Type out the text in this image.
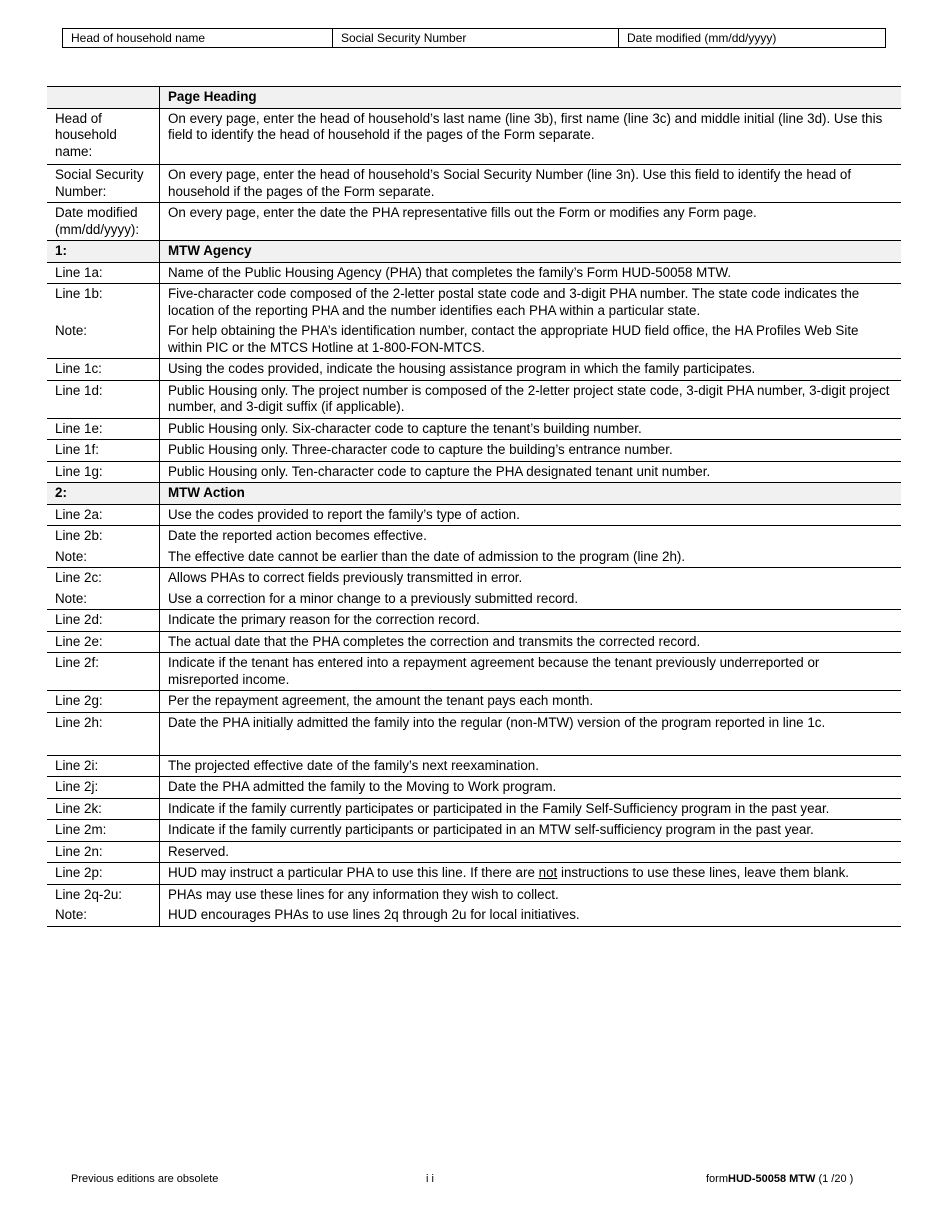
Head of household name	Social Security Number	Date modified (mm/dd/yyyy)
	Page Heading
Head of household name:	On every page, enter the head of household’s last name (line 3b), first name (line 3c) and middle initial (line 3d). Use this field to identify the head of household if the pages of the Form separate.
Social Security Number:	On every page, enter the head of household’s Social Security Number (line 3n). Use this field to identify the head of household if the pages of the Form separate.
Date modified (mm/dd/yyyy):	On every page, enter the date the PHA representative fills out the Form or modifies any Form page.
1:	MTW Agency
Line 1a:	Name of the Public Housing Agency (PHA) that completes the family’s Form HUD-50058 MTW.
Line 1b:	Five-character code composed of the 2-letter postal state code and 3-digit PHA number. The state code indicates the location of the reporting PHA and the number identifies each PHA within a particular state.
Note:	For help obtaining the PHA’s identification number, contact the appropriate HUD field office, the HA Profiles Web Site within PIC or the MTCS Hotline at 1-800-FON-MTCS.
Line 1c:	Using the codes provided, indicate the housing assistance program in which the family participates.
Line 1d:	Public Housing only. The project number is composed of the 2-letter project state code, 3-digit PHA number, 3-digit project number, and 3-digit suffix (if applicable).
Line 1e:	Public Housing only. Six-character code to capture the tenant’s building number.
Line 1f:	Public Housing only. Three-character code to capture the building’s entrance number.
Line 1g:	Public Housing only. Ten-character code to capture the PHA designated tenant unit number.
2:	MTW Action
Line 2a:	Use the codes provided to report the family’s type of action.
Line 2b:	Date the reported action becomes effective.
Note:	The effective date cannot be earlier than the date of admission to the program (line 2h).
Line 2c:	Allows PHAs to correct fields previously transmitted in error.
Note:	Use a correction for a minor change to a previously submitted record.
Line 2d:	Indicate the primary reason for the correction record.
Line 2e:	The actual date that the PHA completes the correction and transmits the corrected record.
Line 2f:	Indicate if the tenant has entered into a repayment agreement because the tenant previously underreported or misreported income.
Line 2g:	Per the repayment agreement, the amount the tenant pays each month.
Line 2h:	Date the PHA initially admitted the family into the regular (non-MTW) version of the program reported in line 1c.
Line 2i:	The projected effective date of the family’s next reexamination.
Line 2j:	Date the PHA admitted the family to the Moving to Work program.
Line 2k:	Indicate if the family currently participates or participated in the Family Self-Sufficiency program in the past year.
Line 2m:	Indicate if the family currently participants or participated in an MTW self-sufficiency program in the past year.
Line 2n:	Reserved.
Line 2p:	HUD may instruct a particular PHA to use this line. If there are not instructions to use these lines, leave them blank.
Line 2q-2u:	PHAs may use these lines for any information they wish to collect.
Note:	HUD encourages PHAs to use lines 2q through 2u for local initiatives.
Previous editions are obsolete	i i	formHUD-50058 MTW (1 /20 )
